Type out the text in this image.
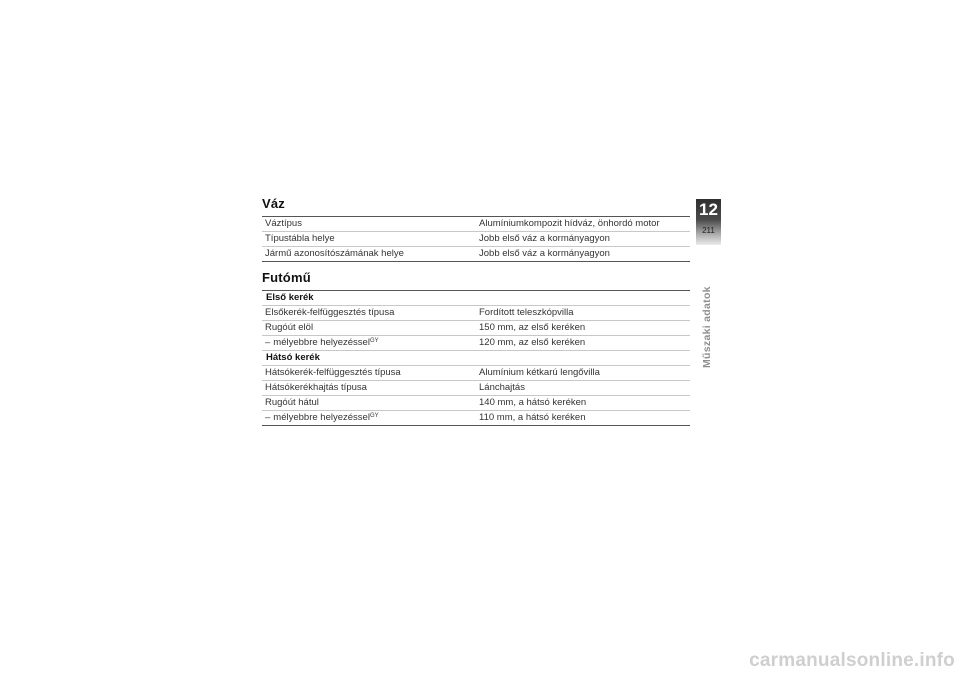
Váz
Váztípus	Alumíniumkompozit hídváz, önhordó motor
Típustábla helye	Jobb első váz a kormányagyon
Jármű azonosítószámának helye	Jobb első váz a kormányagyon
Futómű
Első kerék	
Elsőkerék-felfüggesztés típusa	Fordított teleszkópvilla
Rugóút elöl	150 mm, az első keréken
– mélyebbre helyezéssel$^{GY}$	120 mm, az első keréken
Hátsó kerék	
Hátsókerék-felfüggesztés típusa	Alumínium kétkarú lengővilla
Hátsókerékhajtás típusa	Lánchajtás
Rugóút hátul	140 mm, a hátsó keréken
– mélyebbre helyezéssel$^{GY}$	110 mm, a hátsó keréken
12
211
Műszaki adatok
carmanualsonline.info
